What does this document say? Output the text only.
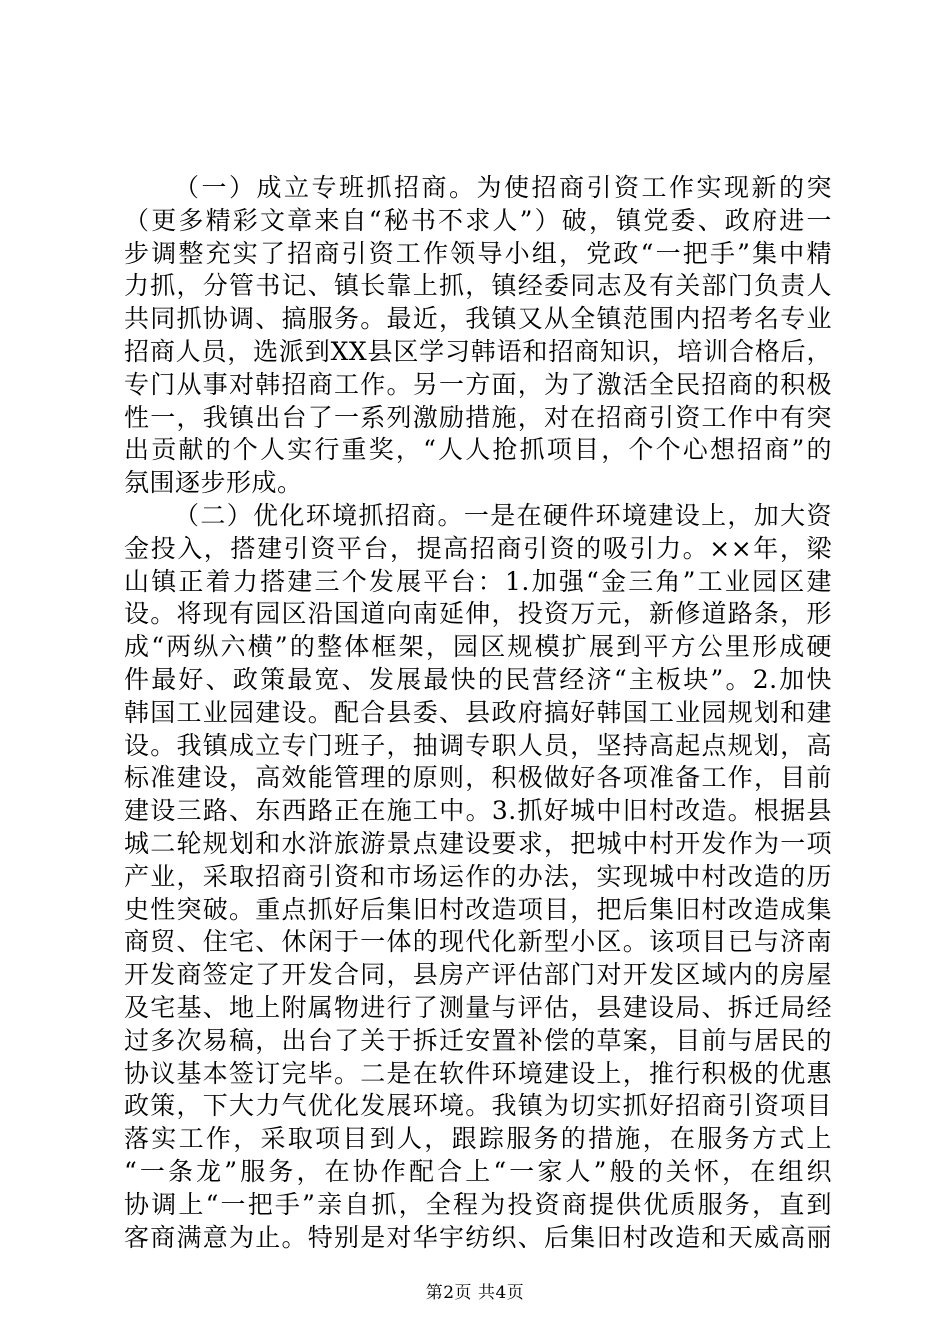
（一）成立专班抓招商。为使招商引资工作实现新的突
（更多精彩文章来自“秘书不求人”）破，镇党委、政府进一
步调整充实了招商引资工作领导小组，党政“一把手”集中精
力抓，分管书记、镇长靠上抓，镇经委同志及有关部门负责人
共同抓协调、搞服务。最近，我镇又从全镇范围内招考名专业
招商人员，选派到XX县区学习韩语和招商知识，培训合格后，
专门从事对韩招商工作。另一方面，为了激活全民招商的积极
性一，我镇出台了一系列激励措施，对在招商引资工作中有突
出贡献的个人实行重奖，“人人抢抓项目，个个心想招商”的
氛围逐步形成。
（二）优化环境抓招商。一是在硬件环境建设上，加大资
金投入，搭建引资平台，提高招商引资的吸引力。××年，梁
山镇正着力搭建三个发展平台：1.加强“金三角”工业园区建
设。将现有园区沿国道向南延伸，投资万元，新修道路条，形
成“两纵六横”的整体框架，园区规模扩展到平方公里形成硬
件最好、政策最宽、发展最快的民营经济“主板块”。2.加快
韩国工业园建设。配合县委、县政府搞好韩国工业园规划和建
设。我镇成立专门班子，抽调专职人员，坚持高起点规划，高
标准建设，高效能管理的原则，积极做好各项准备工作，目前
建设三路、东西路正在施工中。3.抓好城中旧村改造。根据县
城二轮规划和水浒旅游景点建设要求，把城中村开发作为一项
产业，采取招商引资和市场运作的办法，实现城中村改造的历
史性突破。重点抓好后集旧村改造项目，把后集旧村改造成集
商贸、住宅、休闲于一体的现代化新型小区。该项目已与济南
开发商签定了开发合同，县房产评估部门对开发区域内的房屋
及宅基、地上附属物进行了测量与评估，县建设局、拆迁局经
过多次易稿，出台了关于拆迁安置补偿的草案，目前与居民的
协议基本签订完毕。二是在软件环境建设上，推行积极的优惠
政策，下大力气优化发展环境。我镇为切实抓好招商引资项目
落实工作，采取项目到人，跟踪服务的措施，在服务方式上
“一条龙”服务，在协作配合上“一家人”般的关怀，在组织
协调上“一把手”亲自抓，全程为投资商提供优质服务，直到
客商满意为止。特别是对华宇纺织、后集旧村改造和天威高丽
第2页 共4页
